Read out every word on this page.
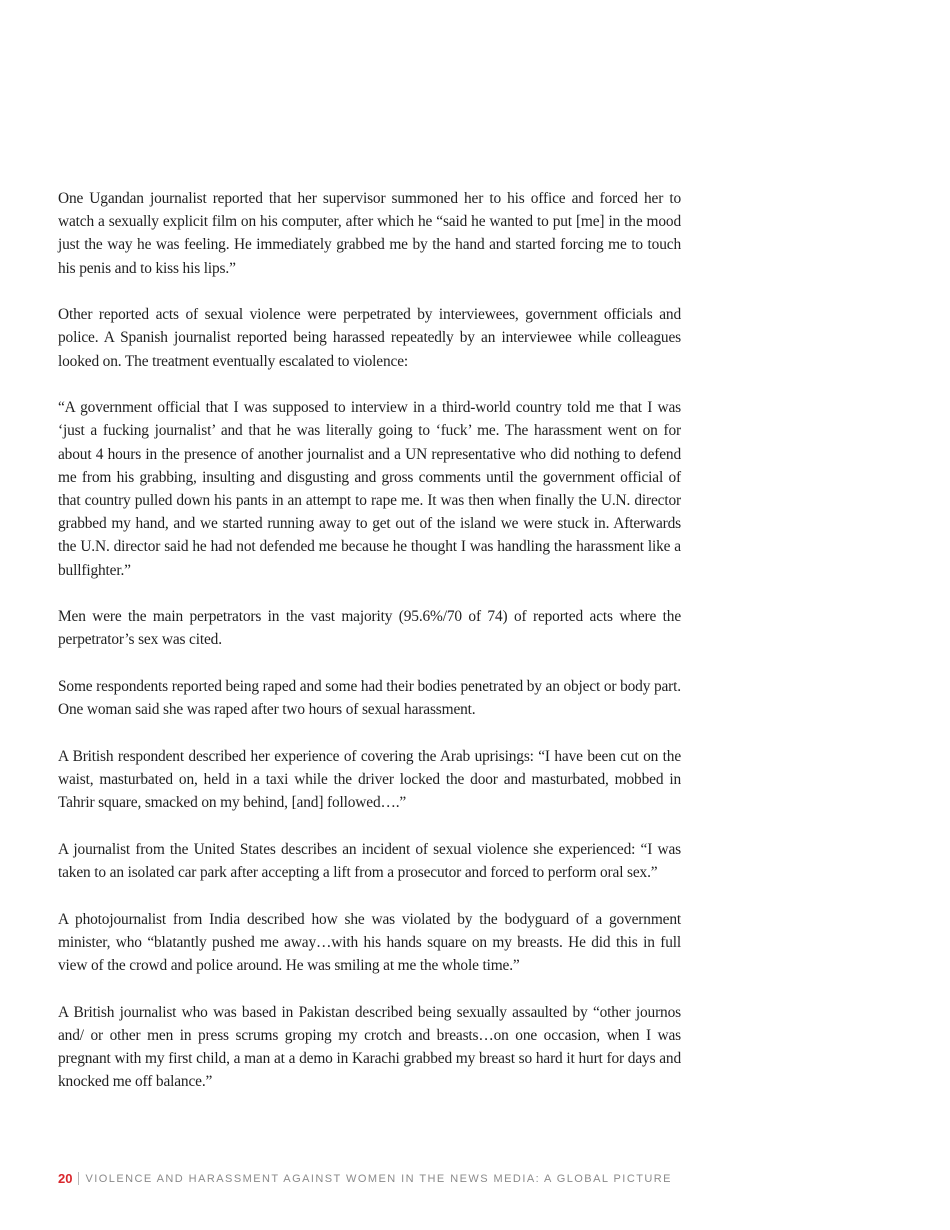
One Ugandan journalist reported that her supervisor summoned her to his office and forced her to watch a sexually explicit film on his computer, after which he “said he wanted to put [me] in the mood just the way he was feeling. He immediately grabbed me by the hand and started forcing me to touch his penis and to kiss his lips.”

Other reported acts of sexual violence were perpetrated by interviewees, government officials and police. A Spanish journalist reported being harassed repeatedly by an interviewee while colleagues looked on. The treatment eventually escalated to violence:

“A government official that I was supposed to interview in a third-world country told me that I was ‘just a fucking journalist’ and that he was literally going to ‘fuck’ me. The harassment went on for about 4 hours in the presence of another journalist and a UN representative who did nothing to defend me from his grabbing, insulting and disgusting and gross comments until the government official of that country pulled down his pants in an attempt to rape me. It was then when finally the U.N. director grabbed my hand, and we started running away to get out of the island we were stuck in. Afterwards the U.N. director said he had not defended me because he thought I was handling the harassment like a bullfighter.”

Men were the main perpetrators in the vast majority (95.6%/70 of 74) of reported acts where the perpetrator’s sex was cited.

Some respondents reported being raped and some had their bodies penetrated by an object or body part. One woman said she was raped after two hours of sexual harassment.

A British respondent described her experience of covering the Arab uprisings: “I have been cut on the waist, masturbated on, held in a taxi while the driver locked the door and masturbated, mobbed in Tahrir square, smacked on my behind, [and] followed….”

A journalist from the United States describes an incident of sexual violence she experienced: “I was taken to an isolated car park after accepting a lift from a prosecutor and forced to perform oral sex.”

A photojournalist from India described how she was violated by the bodyguard of a government minister, who “blatantly pushed me away…with his hands square on my breasts. He did this in full view of the crowd and police around. He was smiling at me the whole time.”

A British journalist who was based in Pakistan described being sexually assaulted by “other journos and/ or other men in press scrums groping my crotch and breasts…on one occasion, when I was pregnant with my first child, a man at a demo in Karachi grabbed my breast so hard it hurt for days and knocked me off balance.”

20 VIOLENCE AND HARASSMENT AGAINST WOMEN IN THE NEWS MEDIA: A GLOBAL PICTURE
